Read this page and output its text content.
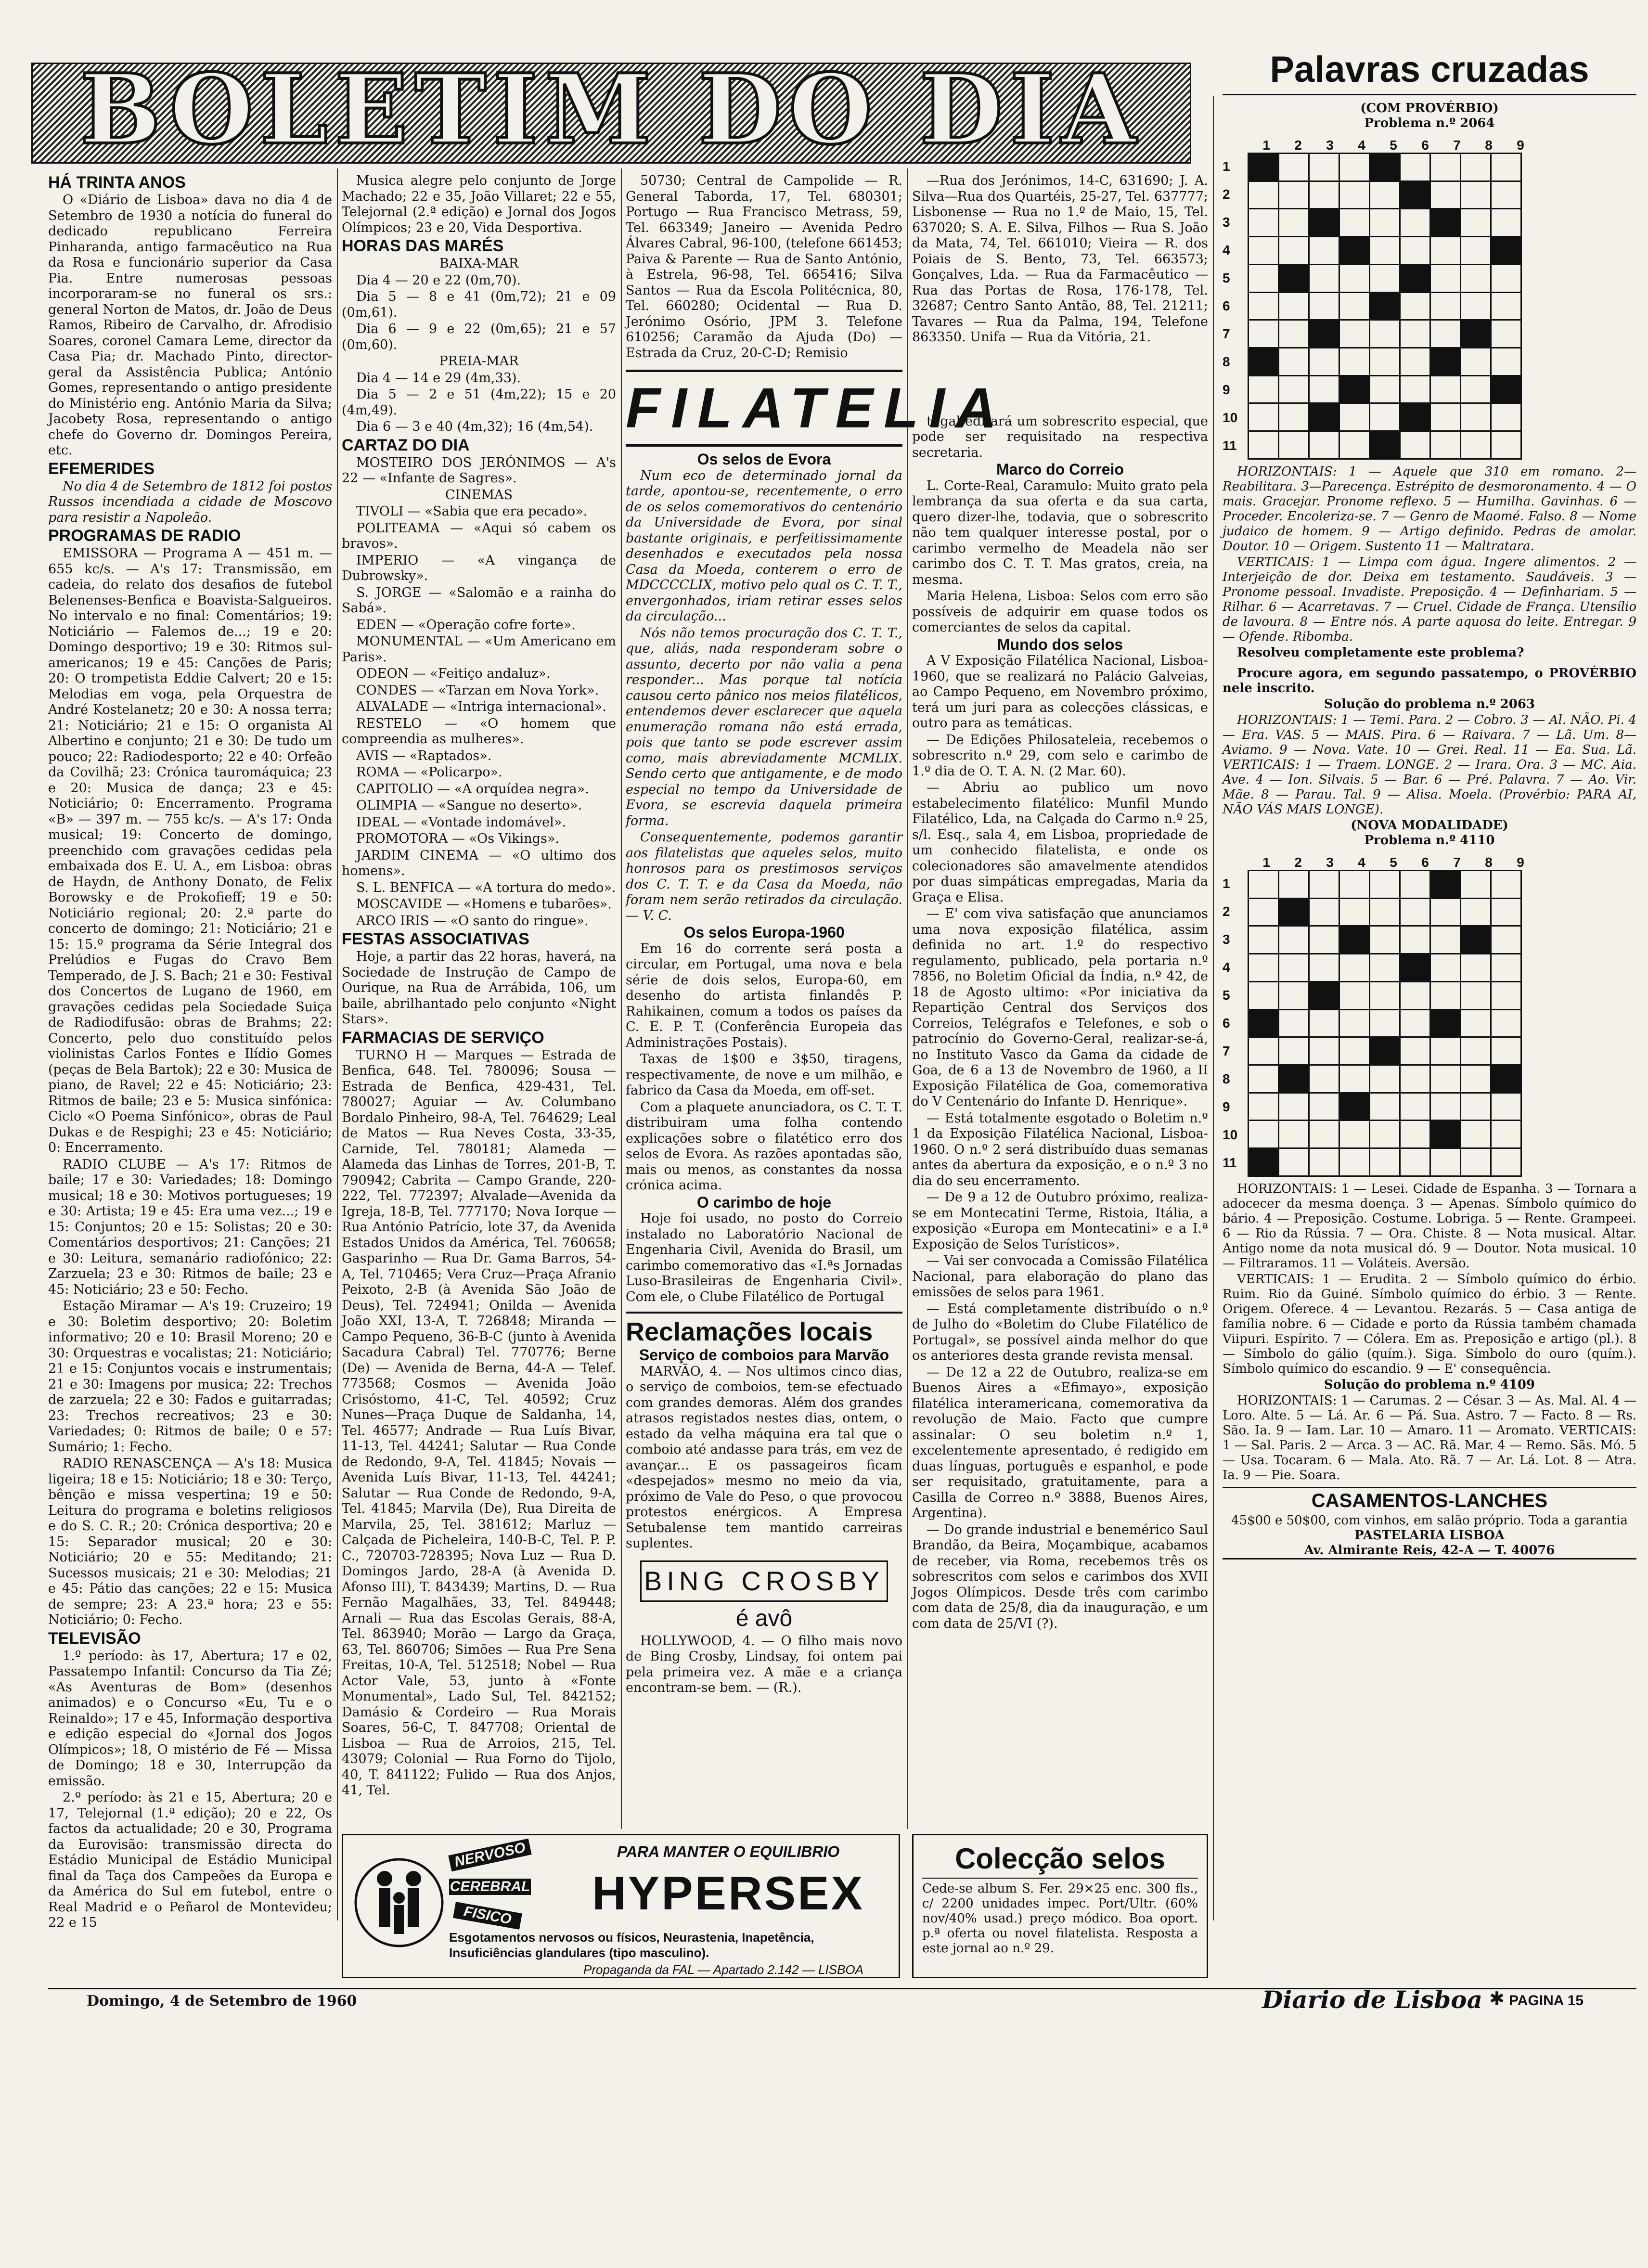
BOLETIM DO DIA	Palavras cruzadas

HÁ TRINTA ANOS

O «Diário de Lisboa» dava no dia 4 de Setembro de 1930 a notícia do funeral do dedicado republicano Ferreira Pinharanda, antigo farmacêutico na Rua da Rosa e funcionário superior da Casa Pia. Entre numerosas pessoas incorporaram-se no funeral os srs.: general Norton de Matos, dr. João de Deus Ramos, Ribeiro de Carvalho, dr. Afrodisio Soares, coronel Camara Leme, director da Casa Pia; dr. Machado Pinto, director-geral da Assistência Publica; António Gomes, representando o antigo presidente do Ministério eng. António Maria da Silva; Jacobety Rosa, representando o antigo chefe do Governo dr. Domingos Pereira, etc.

EFEMERIDES

No dia 4 de Setembro de 1812 foi postos Russos incendiada a cidade de Moscovo para resistir a Napoleão.

PROGRAMAS DE RADIO

EMISSORA — Programa A — 451 m. — 655 kc/s. — A's 17: Transmissão, em cadeia, do relato dos desafios de futebol Belenenses-Benfica e Boavista-Salgueiros. No intervalo e no final: Comentários; 19: Noticiário — Falemos de...; 19 e 20: Domingo desportivo; 19 e 30: Ritmos sul-americanos; 19 e 45: Canções de Paris; 20: O trompetista Eddie Calvert; 20 e 15: Melodias em voga, pela Orquestra de André Kostelanetz; 20 e 30: A nossa terra; 21: Noticiário; 21 e 15: O organista Al Albertino e conjunto; 21 e 30: De tudo um pouco; 22: Radiodesporto; 22 e 40: Orfeão da Covilhã; 23: Crónica tauromáquica; 23 e 20: Musica de dança; 23 e 45: Noticiário; 0: Encerramento. Programa «B» — 397 m. — 755 kc/s. — A's 17: Onda musical; 19: Concerto de domingo, preenchido com gravações cedidas pela embaixada dos E. U. A., em Lisboa: obras de Haydn, de Anthony Donato, de Felix Borowsky e de Prokofieff; 19 e 50: Noticiário regional; 20: 2.ª parte do concerto de domingo; 21: Noticiário; 21 e 15: 15.º programa da Série Integral dos Prelúdios e Fugas do Cravo Bem Temperado, de J. S. Bach; 21 e 30: Festival dos Concertos de Lugano de 1960, em gravações cedidas pela Sociedade Suiça de Radiodifusão: obras de Brahms; 22: Concerto, pelo duo constituído pelos violinistas Carlos Fontes e Ilídio Gomes (peças de Bela Bartok); 22 e 30: Musica de piano, de Ravel; 22 e 45: Noticiário; 23: Ritmos de baile; 23 e 5: Musica sinfónica: Ciclo «O Poema Sinfónico», obras de Paul Dukas e de Respighi; 23 e 45: Noticiário; 0: Encerramento.

RADIO CLUBE — A's 17: Ritmos de baile; 17 e 30: Variedades; 18: Domingo musical; 18 e 30: Motivos portugueses; 19 e 30: Artista; 19 e 45: Era uma vez...; 19 e 15: Conjuntos; 20 e 15: Solistas; 20 e 30: Comentários desportivos; 21: Canções; 21 e 30: Leitura, semanário radiofónico; 22: Zarzuela; 23 e 30: Ritmos de baile; 23 e 45: Noticiário; 23 e 50: Fecho.

Estação Miramar — A's 19: Cruzeiro; 19 e 30: Boletim desportivo; 20: Boletim informativo; 20 e 10: Brasil Moreno; 20 e 30: Orquestras e vocalistas; 21: Noticiário; 21 e 15: Conjuntos vocais e instrumentais; 21 e 30: Imagens por musica; 22: Trechos de zarzuela; 22 e 30: Fados e guitarradas; 23: Trechos recreativos; 23 e 30: Variedades; 0: Ritmos de baile; 0 e 57: Sumário; 1: Fecho.

RADIO RENASCENÇA — A's 18: Musica ligeira; 18 e 15: Noticiário; 18 e 30: Terço, bênção e missa vespertina; 19 e 50: Leitura do programa e boletins religiosos e do S. C. R.; 20: Crónica desportiva; 20 e 15: Separador musical; 20 e 30: Noticiário; 20 e 55: Meditando; 21: Sucessos musicais; 21 e 30: Melodias; 21 e 45: Pátio das canções; 22 e 15: Musica de sempre; 23: A 23.ª hora; 23 e 55: Noticiário; 0: Fecho.

TELEVISÃO

1.º período: às 17, Abertura; 17 e 02, Passatempo Infantil: Concurso da Tia Zé; «As Aventuras de Bom» (desenhos animados) e o Concurso «Eu, Tu e o Reinaldo»; 17 e 45, Informação desportiva e edição especial do «Jornal dos Jogos Olímpicos»; 18, O mistério de Fé — Missa de Domingo; 18 e 30, Interrupção da emissão.

2.º período: às 21 e 15, Abertura; 20 e 17, Telejornal (1.ª edição); 20 e 22, Os factos da actualidade; 20 e 30, Programa da Eurovisão: transmissão directa do Estádio Municipal de Estádio Municipal final da Taça dos Campeões da Europa e da América do Sul em futebol, entre o Real Madrid e o Peñarol de Montevideu; 22 e 15

Musica alegre pelo conjunto de Jorge Machado; 22 e 35, João Villaret; 22 e 55, Telejornal (2.ª edição) e Jornal dos Jogos Olímpicos; 23 e 20, Vida Desportiva.

HORAS DAS MARÉS

BAIXA-MAR

Dia 4 — 20 e 22 (0m,70).

Dia 5 — 8 e 41 (0m,72); 21 e 09 (0m,61).

Dia 6 — 9 e 22 (0m,65); 21 e 57 (0m,60).

PREIA-MAR

Dia 4 — 14 e 29 (4m,33).

Dia 5 — 2 e 51 (4m,22); 15 e 20 (4m,49).

Dia 6 — 3 e 40 (4m,32); 16 (4m,54).

CARTAZ DO DIA

MOSTEIRO DOS JERÓNIMOS — A's 22 — «Infante de Sagres».

CINEMAS

TIVOLI — «Sabia que era pecado».

POLITEAMA — «Aqui só cabem os bravos».

IMPERIO — «A vingança de Dubrowsky».

S. JORGE — «Salomão e a rainha do Sabá».

EDEN — «Operação cofre forte».

MONUMENTAL — «Um Americano em Paris».

ODEON — «Feitiço andaluz».

CONDES — «Tarzan em Nova York».

ALVALADE — «Intriga internacional».

RESTELO — «O homem que compreendia as mulheres».

AVIS — «Raptados».

ROMA — «Policarpo».

CAPITOLIO — «A orquídea negra».

OLIMPIA — «Sangue no deserto».

IDEAL — «Vontade indomável».

PROMOTORA — «Os Vikings».

JARDIM CINEMA — «O ultimo dos homens».

S. L. BENFICA — «A tortura do medo».

MOSCAVIDE — «Homens e tubarões».

ARCO IRIS — «O santo do ringue».

FESTAS ASSOCIATIVAS

Hoje, a partir das 22 horas, haverá, na Sociedade de Instrução de Campo de Ourique, na Rua de Arrábida, 106, um baile, abrilhantado pelo conjunto «Night Stars».

FARMACIAS DE SERVIÇO

TURNO H — Marques — Estrada de Benfica, 648. Tel. 780096; Sousa — Estrada de Benfica, 429-431, Tel. 780027; Aguiar — Av. Columbano Bordalo Pinheiro, 98-A, Tel. 764629; Leal de Matos — Rua Neves Costa, 33-35, Carnide, Tel. 780181; Alameda — Alameda das Linhas de Torres, 201-B, T. 790942; Cabrita — Campo Grande, 220-222, Tel. 772397; Alvalade—Avenida da Igreja, 18-B, Tel. 777170; Nova Iorque — Rua António Patrício, lote 37, da Avenida Estados Unidos da América, Tel. 760658; Gasparinho — Rua Dr. Gama Barros, 54-A, Tel. 710465; Vera Cruz—Praça Afranio Peixoto, 2-B (à Avenida São João de Deus), Tel. 724941; Onilda — Avenida João XXI, 13-A, T. 726848; Miranda — Campo Pequeno, 36-B-C (junto à Avenida Sacadura Cabral) Tel. 770776; Berne (De) — Avenida de Berna, 44-A — Telef. 773568; Cosmos — Avenida João Crisóstomo, 41-C, Tel. 40592; Cruz Nunes—Praça Duque de Saldanha, 14, Tel. 46577; Andrade — Rua Luís Bivar, 11-13, Tel. 44241; Salutar — Rua Conde de Redondo, 9-A, Tel. 41845; Novais — Avenida Luís Bivar, 11-13, Tel. 44241; Salutar — Rua Conde de Redondo, 9-A, Tel. 41845; Marvila (De), Rua Direita de Marvila, 25, Tel. 381612; Marluz — Calçada de Picheleira, 140-B-C, Tel. P. P. C., 720703-728395; Nova Luz — Rua D. Domingos Jardo, 28-A (à Avenida D. Afonso III), T. 843439; Martins, D. — Rua Fernão Magalhães, 33, Tel. 849448; Arnali — Rua das Escolas Gerais, 88-A, Tel. 863940; Morão — Largo da Graça, 63, Tel. 860706; Simões — Rua Pre Sena Freitas, 10-A, Tel. 512518; Nobel — Rua Actor Vale, 53, junto à «Fonte Monumental», Lado Sul, Tel. 842152; Damásio & Cordeiro — Rua Morais Soares, 56-C, T. 847708; Oriental de Lisboa — Rua de Arroios, 215, Tel. 43079; Colonial — Rua Forno do Tijolo, 40, T. 841122; Fulido — Rua dos Anjos, 41, Tel.

50730; Central de Campolide — R. General Taborda, 17, Tel. 680301; Portugo — Rua Francisco Metrass, 59, Tel. 663349; Janeiro — Avenida Pedro Álvares Cabral, 96-100, (telefone 661453; Paiva & Parente — Rua de Santo António, à Estrela, 96-98, Tel. 665416; Silva Santos — Rua da Escola Politécnica, 80, Tel. 660280; Ocidental — Rua D. Jerónimo Osório, JPM 3. Telefone 610256; Caramão da Ajuda (Do) — Estrada da Cruz, 20-C-D; Remisio

FILATELIA

Os selos de Evora

Num eco de determinado jornal da tarde, apontou-se, recentemente, o erro de os selos comemorativos do centenário da Universidade de Evora, por sinal bastante originais, e perfeitissimamente desenhados e executados pela nossa Casa da Moeda, conterem o erro de MDCCCCLIX, motivo pelo qual os C. T. T., envergonhados, iriam retirar esses selos da circulação...

Nós não temos procuração dos C. T. T., que, aliás, nada responderam sobre o assunto, decerto por não valia a pena responder... Mas porque tal notícia causou certo pânico nos meios filatélicos, entendemos dever esclarecer que aquela enumeração romana não está errada, pois que tanto se pode escrever assim como, mais abreviadamente MCMLIX. Sendo certo que antigamente, e de modo especial no tempo da Universidade de Evora, se escrevia daquela primeira forma.

Consequentemente, podemos garantir aos filatelistas que aqueles selos, muito honrosos para os prestimosos serviços dos C. T. T. e da Casa da Moeda, não foram nem serão retirados da circulação. — V. C.

Os selos Europa-1960

Em 16 do corrente será posta a circular, em Portugal, uma nova e bela série de dois selos, Europa-60, em desenho do artista finlandês P. Rahikainen, comum a todos os países da C. E. P. T. (Conferência Europeia das Administrações Postais).

Taxas de 1$00 e 3$50, tiragens, respectivamente, de nove e um milhão, e fabrico da Casa da Moeda, em off-set.

Com a plaquete anunciadora, os C. T. T. distribuiram uma folha contendo explicações sobre o filatético erro dos selos de Evora. As razões apontadas são, mais ou menos, as constantes da nossa crónica acima.

O carimbo de hoje

Hoje foi usado, no posto do Correio instalado no Laboratório Nacional de Engenharia Civil, Avenida do Brasil, um carimbo comemorativo das «I.ªs Jornadas Luso-Brasileiras de Engenharia Civil». Com ele, o Clube Filatélico de Portugal

Reclamações locais

Serviço de comboios para Marvão

MARVÃO, 4. — Nos ultimos cinco dias, o serviço de comboios, tem-se efectuado com grandes demoras. Além dos grandes atrasos registados nestes dias, ontem, o estado da velha máquina era tal que o comboio até andasse para trás, em vez de avançar... E os passageiros ficam «despejados» mesmo no meio da via, próximo de Vale do Peso, o que provocou protestos enérgicos. A Empresa Setubalense tem mantido carreiras suplentes.

BING CROSBY
é avô

HOLLYWOOD, 4. — O filho mais novo de Bing Crosby, Lindsay, foi ontem pai pela primeira vez. A mãe e a criança encontram-se bem. — (R.).

—Rua dos Jerónimos, 14-C, 631690; J. A. Silva—Rua dos Quartéis, 25-27, Tel. 637777; Lisbonense — Rua no 1.º de Maio, 15, Tel. 637020; S. A. E. Silva, Filhos — Rua S. João da Mata, 74, Tel. 661010; Vieira — R. dos Poiais de S. Bento, 73, Tel. 663573; Gonçalves, Lda. — Rua da Farmacêutico — Rua das Portas de Rosa, 176-178, Tel. 32687; Centro Santo Antão, 88, Tel. 21211; Tavares — Rua da Palma, 194, Telefone 863350. Unifa — Rua da Vitória, 21.

tugal editará um sobrescrito especial, que pode ser requisitado na respectiva secretaria.

Marco do Correio

L. Corte-Real, Caramulo: Muito grato pela lembrança da sua oferta e da sua carta, quero dizer-lhe, todavia, que o sobrescrito não tem qualquer interesse postal, por o carimbo vermelho de Meadela não ser carimbo dos C. T. T. Mas gratos, creia, na mesma.

Maria Helena, Lisboa: Selos com erro são possíveis de adquirir em quase todos os comerciantes de selos da capital.

Mundo dos selos

A V Exposição Filatélica Nacional, Lisboa-1960, que se realizará no Palácio Galveias, ao Campo Pequeno, em Novembro próximo, terá um juri para as colecções clássicas, e outro para as temáticas.

— De Edições Philosateleia, recebemos o sobrescrito n.º 29, com selo e carimbo de 1.º dia de O. T. A. N. (2 Mar. 60).

— Abriu ao publico um novo estabelecimento filatélico: Munfil Mundo Filatélico, Lda, na Calçada do Carmo n.º 25, s/l. Esq., sala 4, em Lisboa, propriedade de um conhecido filatelista, e onde os colecionadores são amavelmente atendidos por duas simpáticas empregadas, Maria da Graça e Elisa.

— E' com viva satisfação que anunciamos uma nova exposição filatélica, assim definida no art. 1.º do respectivo regulamento, publicado, pela portaria n.º 7856, no Boletim Oficial da Índia, n.º 42, de 18 de Agosto ultimo: «Por iniciativa da Repartição Central dos Serviços dos Correios, Telégrafos e Telefones, e sob o patrocínio do Governo-Geral, realizar-se-á, no Instituto Vasco da Gama da cidade de Goa, de 6 a 13 de Novembro de 1960, a II Exposição Filatélica de Goa, comemorativa do V Centenário do Infante D. Henrique».

— Está totalmente esgotado o Boletim n.º 1 da Exposição Filatélica Nacional, Lisboa-1960. O n.º 2 será distribuído duas semanas antes da abertura da exposição, e o n.º 3 no dia do seu encerramento.

— De 9 a 12 de Outubro próximo, realiza-se em Montecatini Terme, Ristoia, Itália, a exposição «Europa em Montecatini» e a I.ª Exposição de Selos Turísticos».

— Vai ser convocada a Comissão Filatélica Nacional, para elaboração do plano das emissões de selos para 1961.

— Está completamente distribuído o n.º de Julho do «Boletim do Clube Filatélico de Portugal», se possível ainda melhor do que os anteriores desta grande revista mensal.

— De 12 a 22 de Outubro, realiza-se em Buenos Aires a «Efimayo», exposição filatélica interamericana, comemorativa da revolução de Maio. Facto que cumpre assinalar: O seu boletim n.º 1, excelentemente apresentado, é redigido em duas línguas, português e espanhol, e pode ser requisitado, gratuitamente, para a Casilla de Correo n.º 3888, Buenos Aires, Argentina).

— Do grande industrial e benemérico Saul Brandão, da Beira, Moçambique, acabamos de receber, via Roma, recebemos três os sobrescritos com selos e carimbos dos XVII Jogos Olímpicos. Desde três com carimbo com data de 25/8, dia da inauguração, e um com data de 25/VI (?).

(COM PROVÉRBIO)
Problema n.º 2064
1	2	3	4	5	6	7	8	9
1
2
3
4
5
6
7
8
9
10
11

HORIZONTAIS: 1 — Aquele que 310 em romano. 2—Reabilitara. 3—Parecença. Estrépito de desmoronamento. 4 — O mais. Gracejar. Pronome reflexo. 5 — Humilha. Gavinhas. 6 — Proceder. Encoleriza-se. 7 — Genro de Maomé. Falso. 8 — Nome judaico de homem. 9 — Artigo definido. Pedras de amolar. Doutor. 10 — Origem. Sustento 11 — Maltratara.

VERTICAIS: 1 — Limpa com água. Ingere alimentos. 2 — Interjeição de dor. Deixa em testamento. Saudáveis. 3 — Pronome pessoal. Invadiste. Preposição. 4 — Definhariam. 5 — Rilhar. 6 — Acarretavas. 7 — Cruel. Cidade de França. Utensílio de lavoura. 8 — Entre nós. A parte aquosa do leite. Entregar. 9 — Ofende. Ribomba.

Resolveu completamente este problema?

Procure agora, em segundo passatempo, o PROVÉRBIO nele inscrito.

Solução do problema n.º 2063

HORIZONTAIS: 1 — Temi. Para. 2 — Cobro. 3 — Al. NÃO. Pi. 4 — Era. VAS. 5 — MAIS. Pira. 6 — Raivara. 7 — Lã. Um. 8—Aviamo. 9 — Nova. Vate. 10 — Grei. Real. 11 — Ea. Sua. Lã. VERTICAIS: 1 — Traem. LONGE. 2 — Irara. Ora. 3 — MC. Aia. Ave. 4 — Ion. Silvais. 5 — Bar. 6 — Pré. Palavra. 7 — Ao. Vir. Mãe. 8 — Parau. Tal. 9 — Alisa. Moela. (Provérbio: PARA AI, NÃO VÁS MAIS LONGE).

(NOVA MODALIDADE)
Problema n.º 4110
1	2	3	4	5	6	7	8	9
1
2
3
4
5
6
7
8
9
10
11

HORIZONTAIS: 1 — Lesei. Cidade de Espanha. 3 — Tornara a adocecer da mesma doença. 3 — Apenas. Símbolo químico do bário. 4 — Preposição. Costume. Lobriga. 5 — Rente. Grampeei. 6 — Rio da Rússia. 7 — Ora. Chiste. 8 — Nota musical. Altar. Antigo nome da nota musical dó. 9 — Doutor. Nota musical. 10 — Filtraramos. 11 — Voláteis. Aversão.

VERTICAIS: 1 — Erudita. 2 — Símbolo químico do érbio. Ruim. Rio da Guiné. Símbolo químico do érbio. 3 — Rente. Origem. Oferece. 4 — Levantou. Rezarás. 5 — Casa antiga de família nobre. 6 — Cidade e porto da Rússia também chamada Viipuri. Espírito. 7 — Cólera. Em as. Preposição e artigo (pl.). 8 — Símbolo do gálio (quím.). Siga. Símbolo do ouro (quím.). Símbolo químico do escandio. 9 — E' consequência.

Solução do problema n.º 4109

HORIZONTAIS: 1 — Carumas. 2 — César. 3 — As. Mal. Al. 4 — Loro. Alte. 5 — Lá. Ar. 6 — Pá. Sua. Astro. 7 — Facto. 8 — Rs. São. Ia. 9 — Iam. Lar. 10 — Amaro. 11 — Aromato. VERTICAIS: 1 — Sal. Paris. 2 — Arca. 3 — AC. Rã. Mar. 4 — Remo. Sãs. Mó. 5 — Usa. Tocaram. 6 — Mala. Ato. Rã. 7 — Ar. Lá. Lot. 8 — Atra. Ia. 9 — Pie. Soara.

CASAMENTOS-LANCHES
45$00 e 50$00, com vinhos, em salão próprio. Toda a garantia
PASTELARIA LISBOA
Av. Almirante Reis, 42-A — T. 40076
NERVOSO
CEREBRAL
FISICO
PARA MANTER O EQUILIBRIO
HYPERSEX
Esgotamentos nervosos ou físicos, Neurastenia, Inapetência, Insuficiências glandulares (tipo masculino).
Propaganda da FAL — Apartado 2.142 — LISBOA
Colecção selos
Cede-se album S. Fer. 29×25 enc. 300 fls., c/ 2200 unidades impec. Port/Ultr. (60% nov/40% usad.) preço módico. Boa oport. p.ª oferta ou novel filatelista. Resposta a este jornal ao n.º 29.
Domingo, 4 de Setembro de 1960	Diario de Lisboa ✱ PAGINA 15
